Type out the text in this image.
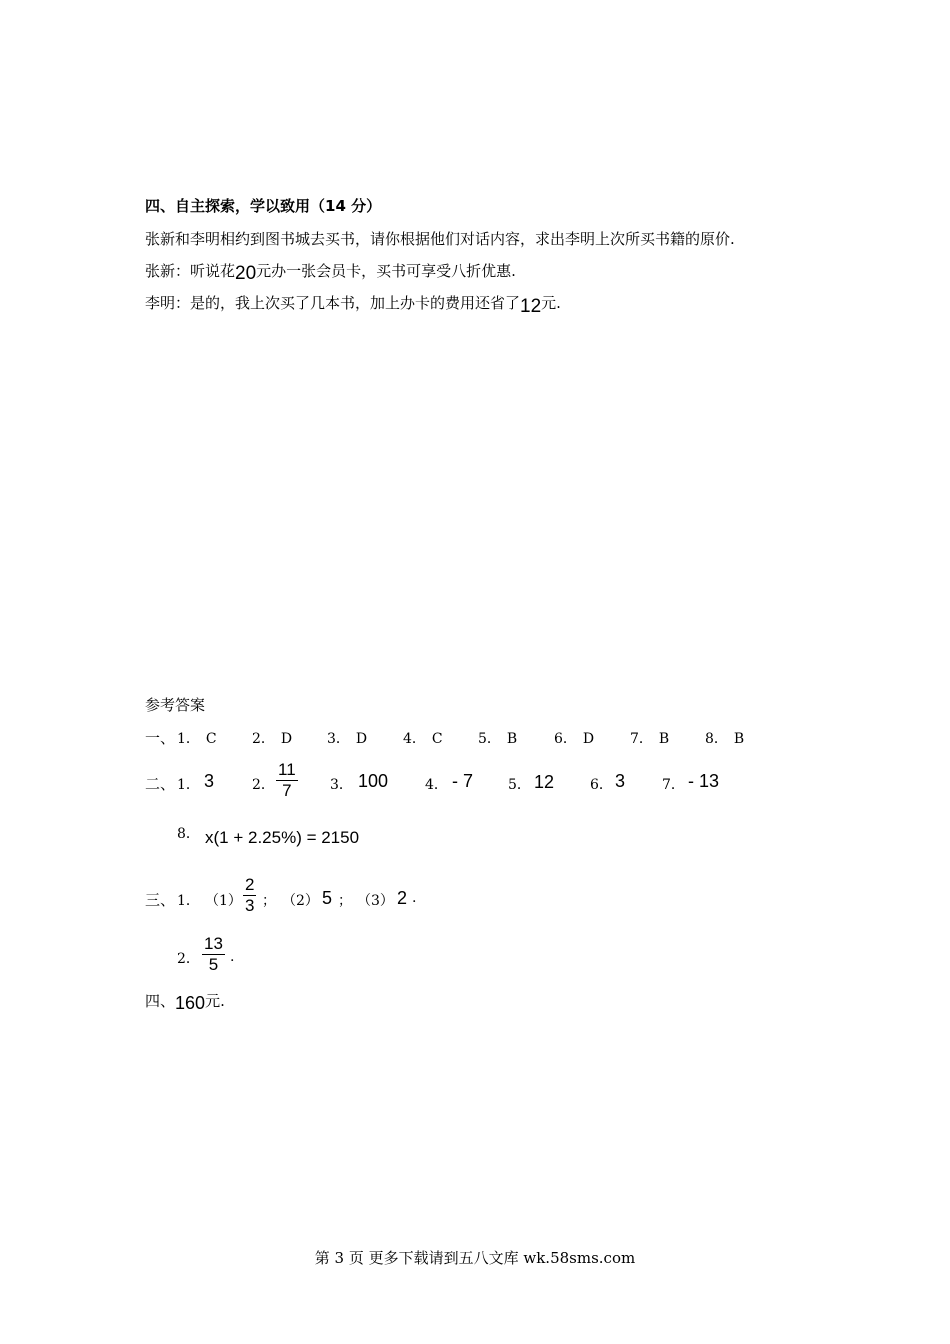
四、自主探索，学以致用（14 分）
张新和李明相约到图书城去买书，请你根据他们对话内容，求出李明上次所买书籍的原价.
张新：听说花20元办一张会员卡，买书可享受八折优惠.
李明：是的，我上次买了几本书，加上办卡的费用还省了12元.
参考答案
一、 1． C	2． D 3． D	4． C	5． B	6． D	7． B	8． B
二、 1． 3	2．
11
7	3． 100	4． - 7 5． 12	6． 3	7． - 13
8． x(1 + 2.25%) = 2150
三、 1． （1）
2
3 ； （2） 5 ； （3） 2 .
2．
13
5 .
四、160元.
第 3 页 更多下载请到五八文库 wk.58sms.com
